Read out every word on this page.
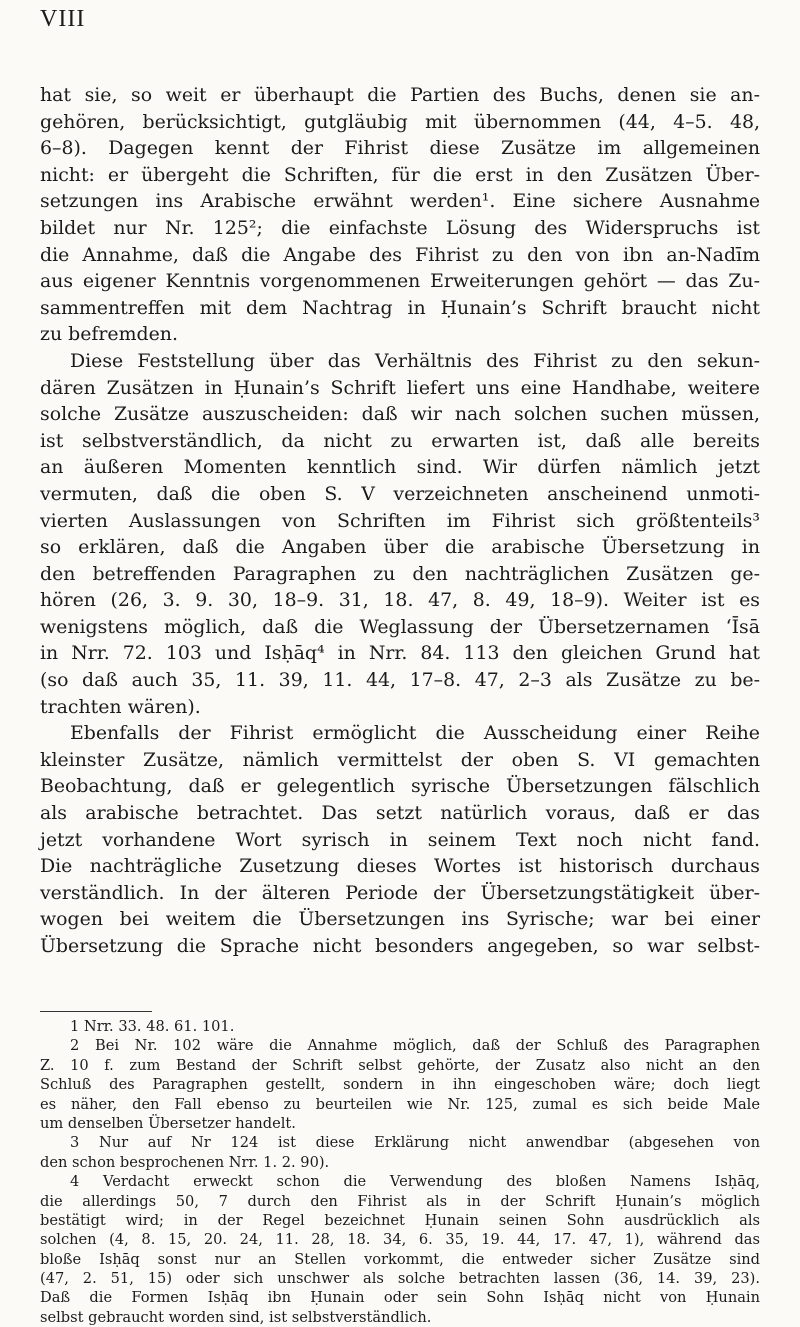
VIII
hat sie, so weit er überhaupt die Partien des Buchs, denen sie an-
gehören, berücksichtigt, gutgläubig mit übernommen (44, 4–5. 48,
6–8). Dagegen kennt der Fihrist diese Zusätze im allgemeinen
nicht: er übergeht die Schriften, für die erst in den Zusätzen Über-
setzungen ins Arabische erwähnt werden¹. Eine sichere Ausnahme
bildet nur Nr. 125²; die einfachste Lösung des Widerspruchs ist
die Annahme, daß die Angabe des Fihrist zu den von ibn an-Nadīm
aus eigener Kenntnis vorgenommenen Erweiterungen gehört — das Zu-
sammentreffen mit dem Nachtrag in Ḥunain’s Schrift braucht nicht
zu befremden.
Diese Feststellung über das Verhältnis des Fihrist zu den sekun-
dären Zusätzen in Ḥunain’s Schrift liefert uns eine Handhabe, weitere
solche Zusätze auszuscheiden: daß wir nach solchen suchen müssen,
ist selbstverständlich, da nicht zu erwarten ist, daß alle bereits
an äußeren Momenten kenntlich sind. Wir dürfen nämlich jetzt
vermuten, daß die oben S. V verzeichneten anscheinend unmoti-
vierten Auslassungen von Schriften im Fihrist sich größtenteils³
so erklären, daß die Angaben über die arabische Übersetzung in
den betreffenden Paragraphen zu den nachträglichen Zusätzen ge-
hören (26, 3. 9. 30, 18–9. 31, 18. 47, 8. 49, 18–9). Weiter ist es
wenigstens möglich, daß die Weglassung der Übersetzernamen ‘Īsā
in Nrr. 72. 103 und Isḥāq⁴ in Nrr. 84. 113 den gleichen Grund hat
(so daß auch 35, 11. 39, 11. 44, 17–8. 47, 2–3 als Zusätze zu be-
trachten wären).
Ebenfalls der Fihrist ermöglicht die Ausscheidung einer Reihe
kleinster Zusätze, nämlich vermittelst der oben S. VI gemachten
Beobachtung, daß er gelegentlich syrische Übersetzungen fälschlich
als arabische betrachtet. Das setzt natürlich voraus, daß er das
jetzt vorhandene Wort syrisch in seinem Text noch nicht fand.
Die nachträgliche Zusetzung dieses Wortes ist historisch durchaus
verständlich. In der älteren Periode der Übersetzungstätigkeit über-
wogen bei weitem die Übersetzungen ins Syrische; war bei einer
Übersetzung die Sprache nicht besonders angegeben, so war selbst-
1 Nrr. 33. 48. 61. 101.
2 Bei Nr. 102 wäre die Annahme möglich, daß der Schluß des Paragraphen
Z. 10 f. zum Bestand der Schrift selbst gehörte, der Zusatz also nicht an den
Schluß des Paragraphen gestellt, sondern in ihn eingeschoben wäre; doch liegt
es näher, den Fall ebenso zu beurteilen wie Nr. 125, zumal es sich beide Male
um denselben Übersetzer handelt.
3 Nur auf Nr 124 ist diese Erklärung nicht anwendbar (abgesehen von
den schon besprochenen Nrr. 1. 2. 90).
4 Verdacht erweckt schon die Verwendung des bloßen Namens Isḥāq,
die allerdings 50, 7 durch den Fihrist als in der Schrift Ḥunain’s möglich
bestätigt wird; in der Regel bezeichnet Ḥunain seinen Sohn ausdrücklich als
solchen (4, 8. 15, 20. 24, 11. 28, 18. 34, 6. 35, 19. 44, 17. 47, 1), während das
bloße Isḥāq sonst nur an Stellen vorkommt, die entweder sicher Zusätze sind
(47, 2. 51, 15) oder sich unschwer als solche betrachten lassen (36, 14. 39, 23).
Daß die Formen Isḥāq ibn Ḥunain oder sein Sohn Isḥāq nicht von Ḥunain
selbst gebraucht worden sind, ist selbstverständlich.
